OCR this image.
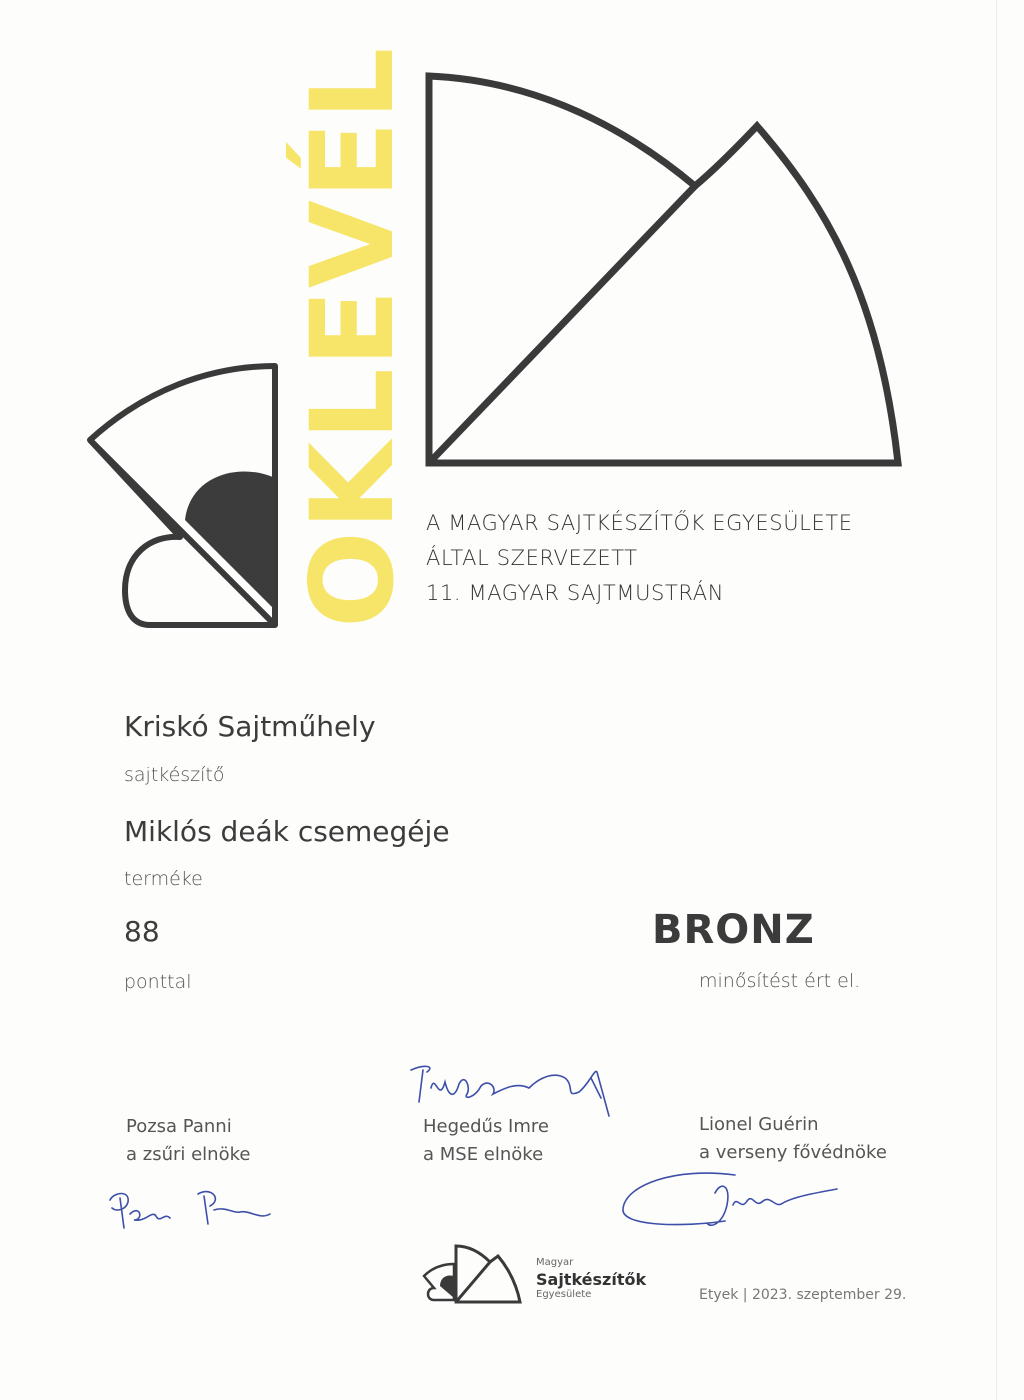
OKLEVÉL A MAGYAR SAJTKÉSZÍTŐK EGYESÜLETE
ÁLTAL SZERVEZETT
11. MAGYAR SAJTMUSTRÁN
Kriskó Sajtműhely
sajtkészítő
Miklós deák csemegéje
terméke
88
ponttal
BRONZ
minősítést ért el.
Pozsa Panni
a zsűri elnöke
Hegedűs Imre
a MSE elnöke
Lionel Guérin
a verseny fővédnöke
Magyar
Sajtkészítők
Egyesülete	Etyek | 2023. szeptember 29.
